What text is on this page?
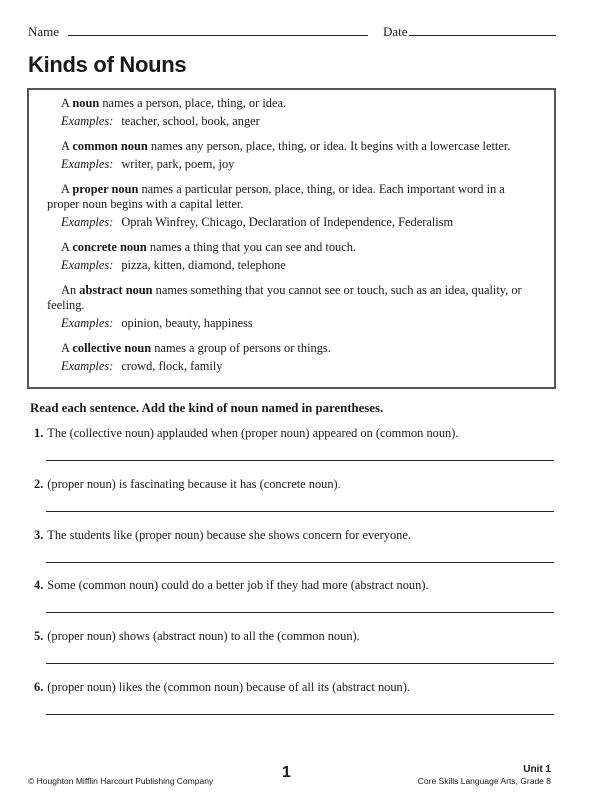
Name	Date
Kinds of Nouns
A noun names a person, place, thing, or idea.
Examples: teacher, school, book, anger
A common noun names any person, place, thing, or idea. It begins with a lowercase letter.
Examples: writer, park, poem, joy
A proper noun names a particular person, place, thing, or idea. Each important word in a proper noun begins with a capital letter.
Examples: Oprah Winfrey, Chicago, Declaration of Independence, Federalism
A concrete noun names a thing that you can see and touch.
Examples: pizza, kitten, diamond, telephone
An abstract noun names something that you cannot see or touch, such as an idea, quality, or feeling.
Examples: opinion, beauty, happiness
A collective noun names a group of persons or things.
Examples: crowd, flock, family
Read each sentence. Add the kind of noun named in parentheses.
1. The (collective noun) applauded when (proper noun) appeared on (common noun).
2. (proper noun) is fascinating because it has (concrete noun).
3. The students like (proper noun) because she shows concern for everyone.
4. Some (common noun) could do a better job if they had more (abstract noun).
5. (proper noun) shows (abstract noun) to all the (common noun).
6. (proper noun) likes the (common noun) because of all its (abstract noun).
© Houghton Mifflin Harcourt Publishing Company	1	Unit 1
Core Skills Language Arts, Grade 8
